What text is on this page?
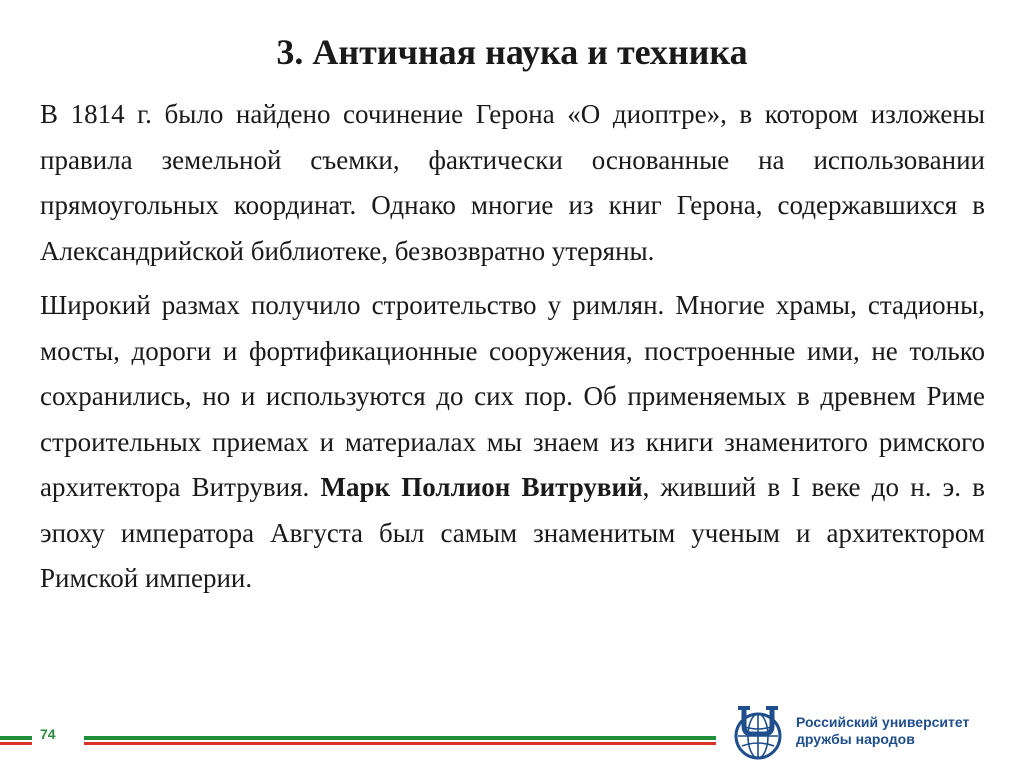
3. Античная наука и техника

В 1814 г. было найдено сочинение Герона «О диоптре», в котором изложены правила земельной съемки, фактически основанные на использовании прямоугольных координат. Однако многие из книг Герона, содержавшихся в Александрийской библиотеке, безвозвратно утеряны.

Широкий размах получило строительство у римлян. Многие храмы, стадионы, мосты, дороги и фортификационные сооружения, построенные ими, не только сохранились, но и используются до сих пор. Об применяемых в древнем Риме строительных приемах и материалах мы знаем из книги знаменитого римского архитектора Витрувия. Марк Поллион Витрувий, живший в I веке до н. э. в эпоху императора Августа был самым знаменитым ученым и архитектором Римской империи.

74
Российский университет
дружбы народов
